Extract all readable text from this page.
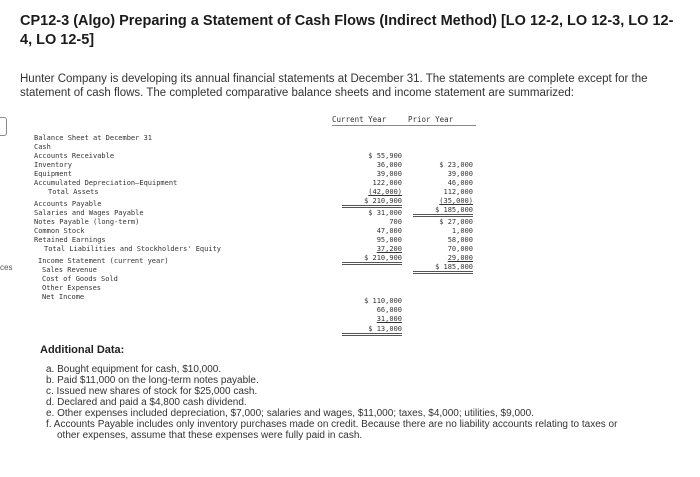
CP12-3 (Algo) Preparing a Statement of Cash Flows (Indirect Method) [LO 12-2, LO 12-3, LO 12-4, LO 12-5]
Hunter Company is developing its annual financial statements at December 31. The statements are complete except for the statement of cash flows. The completed comparative balance sheets and income statement are summarized:
ces
Current Year	Prior Year

Balance Sheet at December 31

Cash

$ 55,900

$ 23,000

Accounts Receivable

36,000

39,000

Inventory

39,000

46,000

Equipment

122,000

112,000

Accumulated Depreciation—Equipment

(42,000)

(35,000)

Total Assets

$ 210,900

$ 185,000

Accounts Payable

$ 31,000

$ 27,000

Salaries and Wages Payable

700

1,000

Notes Payable (long-term)

47,000

58,000

Common Stock

95,000

70,000

Retained Earnings

37,200

29,000

Total Liabilities and Stockholders' Equity

$ 210,900

$ 185,000

Income Statement (current year)

Sales Revenue

Cost of Goods Sold

Other Expenses

Net Income

	$ 110,000

66,000

31,000

$ 13,000

Additional Data:
a. Bought equipment for cash, $10,000.
b. Paid $11,000 on the long-term notes payable.
c. Issued new shares of stock for $25,000 cash.
d. Declared and paid a $4,800 cash dividend.
e. Other expenses included depreciation, $7,000; salaries and wages, $11,000; taxes, $4,000; utilities, $9,000.
f. Accounts Payable includes only inventory purchases made on credit. Because there are no liability accounts relating to taxes or
other expenses, assume that these expenses were fully paid in cash.
